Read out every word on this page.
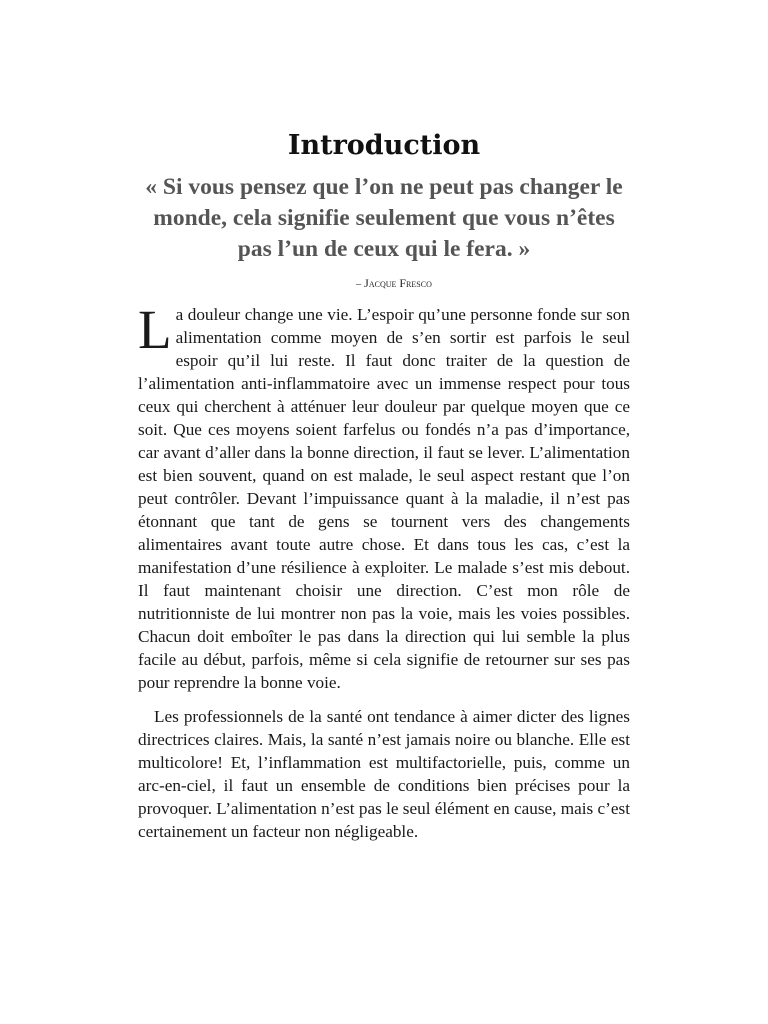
Introduction
« Si vous pensez que l’on ne peut pas changer le monde, cela signifie seulement que vous n’êtes pas l’un de ceux qui le fera. »
– Jacque Fresco

La douleur change une vie. L’espoir qu’une personne fonde sur son alimentation comme moyen de s’en sortir est parfois le seul espoir qu’il lui reste. Il faut donc traiter de la question de l’alimentation anti-inflammatoire avec un immense respect pour tous ceux qui cherchent à atténuer leur douleur par quelque moyen que ce soit. Que ces moyens soient farfelus ou fondés n’a pas d’importance, car avant d’aller dans la bonne direction, il faut se lever. L’alimentation est bien souvent, quand on est malade, le seul aspect restant que l’on peut contrôler. Devant l’impuissance quant à la maladie, il n’est pas étonnant que tant de gens se tournent vers des changements alimentaires avant toute autre chose. Et dans tous les cas, c’est la manifestation d’une résilience à exploiter. Le malade s’est mis debout. Il faut maintenant choisir une direction. C’est mon rôle de nutritionniste de lui montrer non pas la voie, mais les voies possibles. Chacun doit emboîter le pas dans la direction qui lui semble la plus facile au début, parfois, même si cela signifie de retourner sur ses pas pour reprendre la bonne voie.

Les professionnels de la santé ont tendance à aimer dicter des lignes directrices claires. Mais, la santé n’est jamais noire ou blanche. Elle est multicolore! Et, l’inflammation est multifactorielle, puis, comme un arc-en-ciel, il faut un ensemble de conditions bien précises pour la provoquer. L’alimentation n’est pas le seul élément en cause, mais c’est certainement un facteur non négligeable.
